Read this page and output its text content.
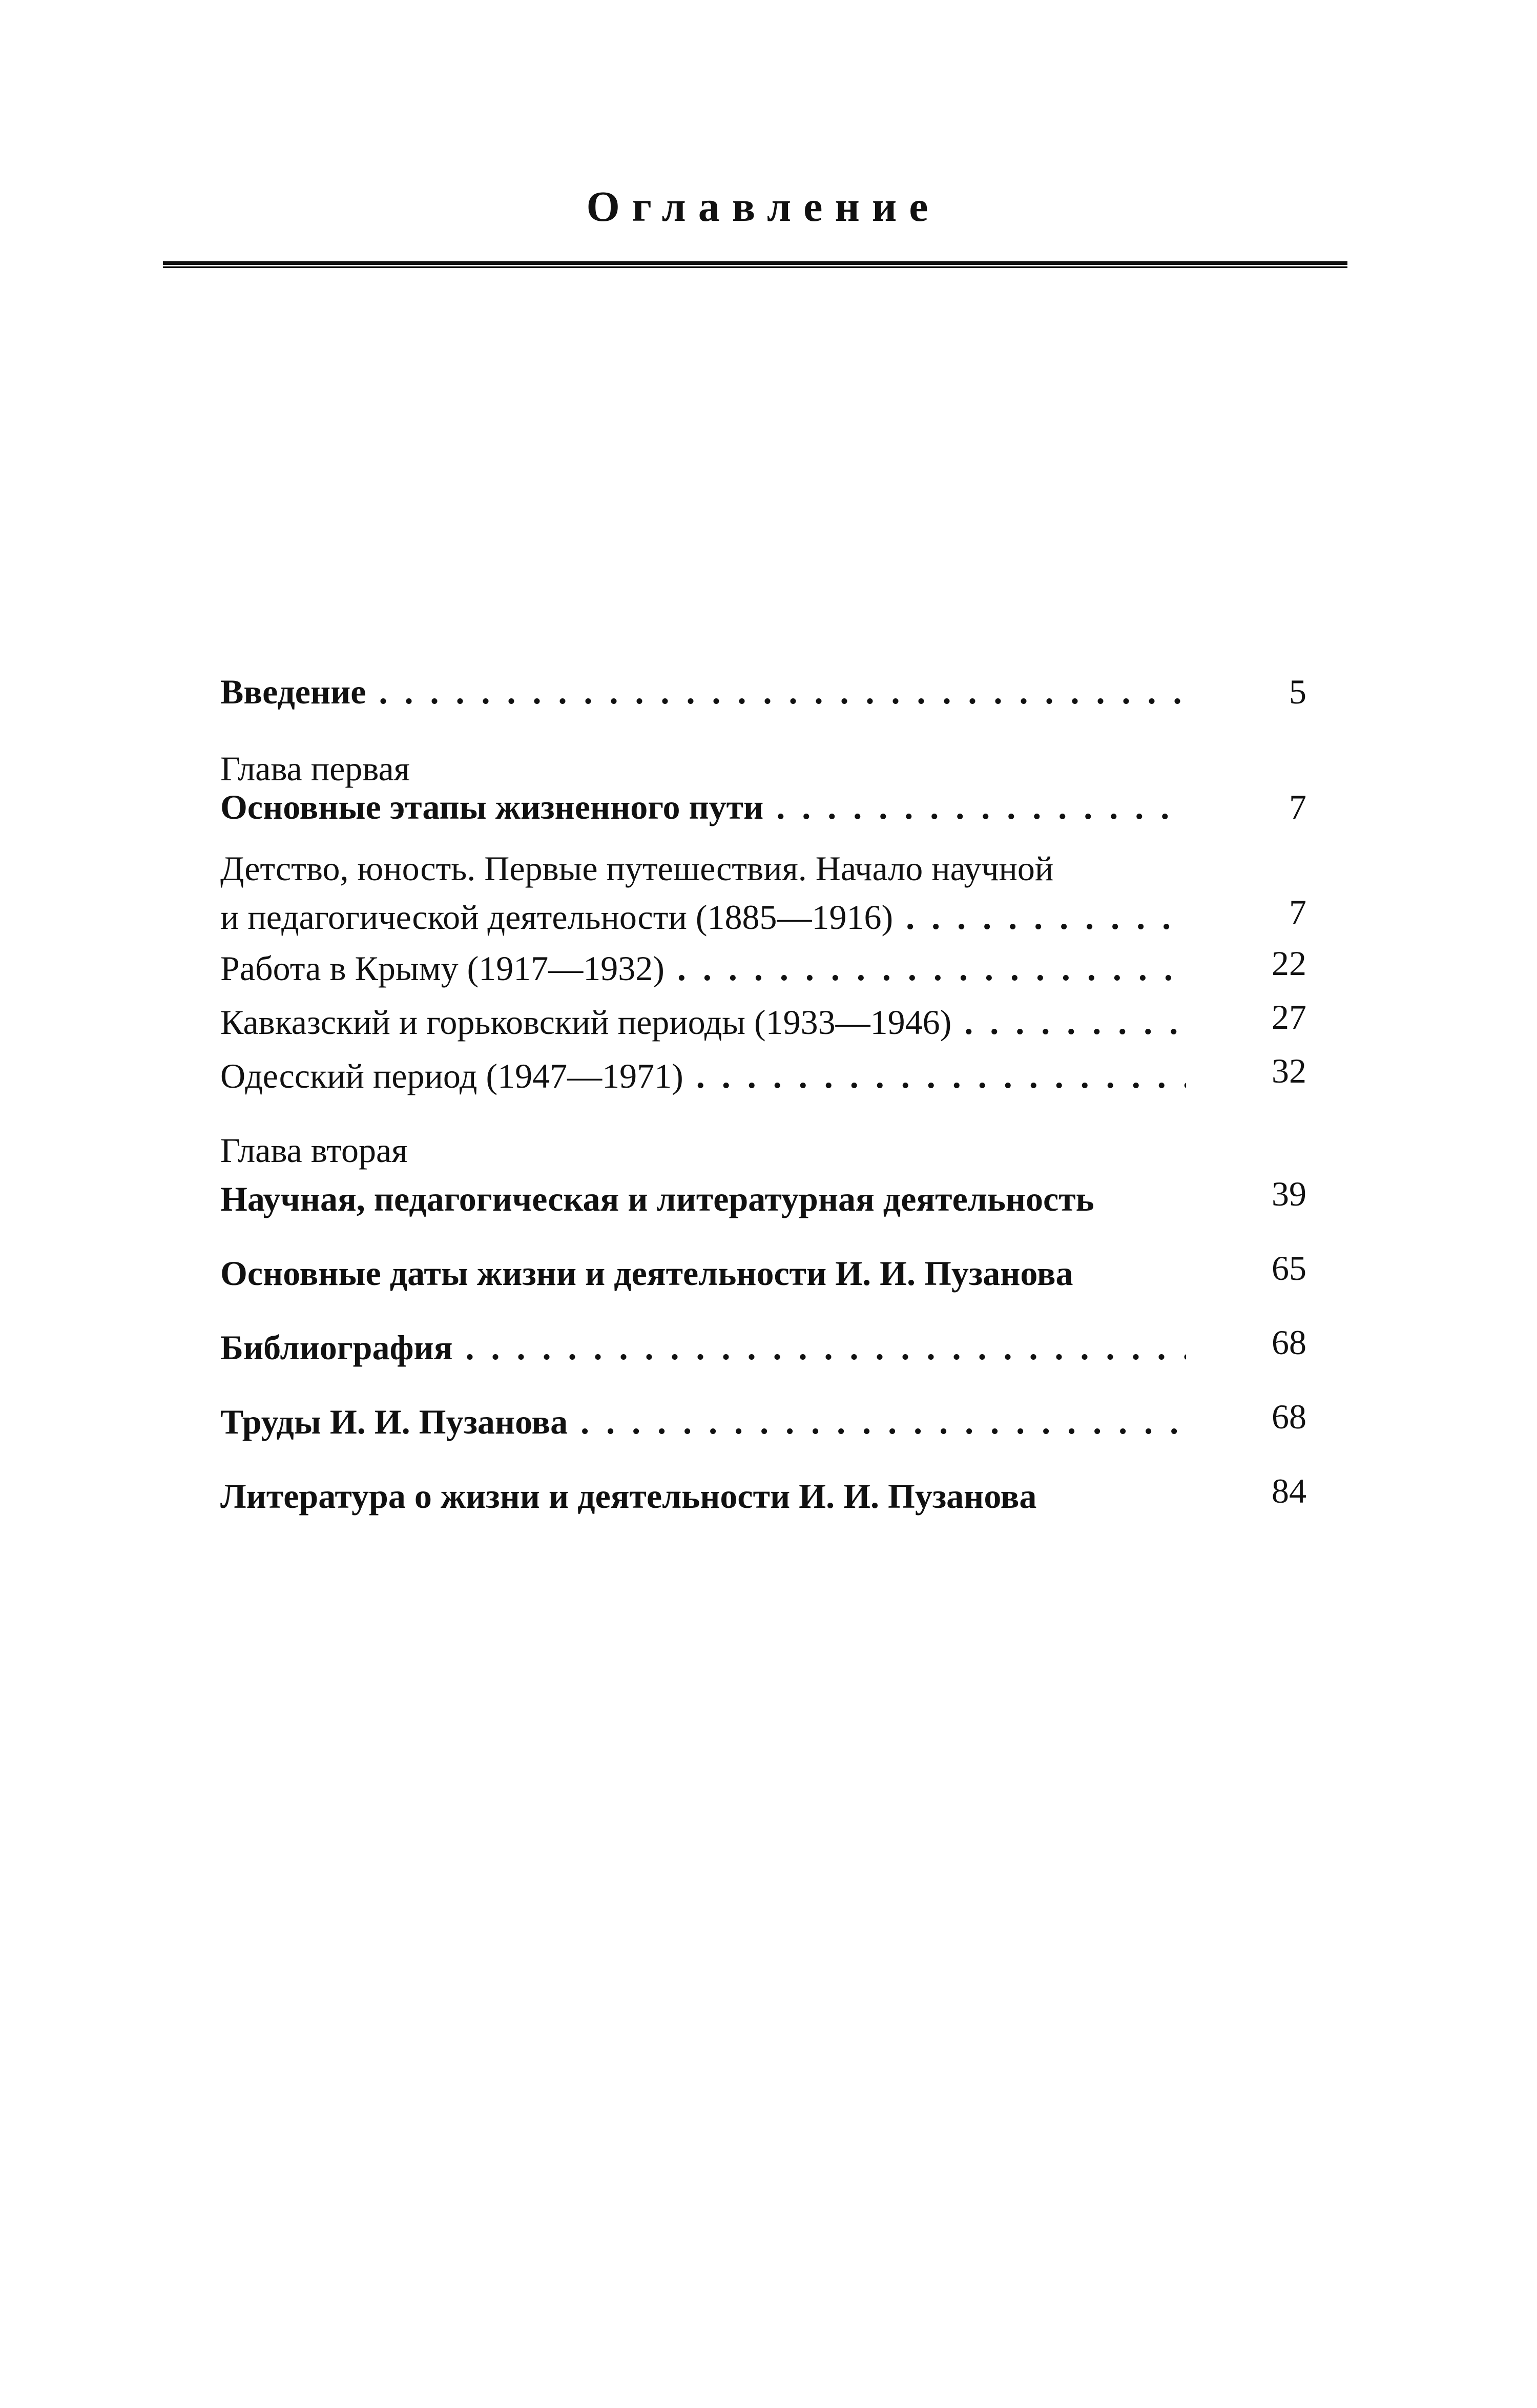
Оглавление
Введение . . .	5
Глава первая
Основные этапы жизненного пути . . .	7
Детство, юность. Первые путешествия. Начало научной
и педагогической деятельности (1885—1916) . . .	7
Работа в Крыму (1917—1932) . . .	22
Кавказский и горьковский периоды (1933—1946) . . .	27
Одесский период (1947—1971) . . .	32
Глава вторая
Научная, педагогическая и литературная деятельность	39
Основные даты жизни и деятельности И. И. Пузанова	65
Библиография . . .	68
Труды И. И. Пузанова . . .	68
Литература о жизни и деятельности И. И. Пузанова	84
